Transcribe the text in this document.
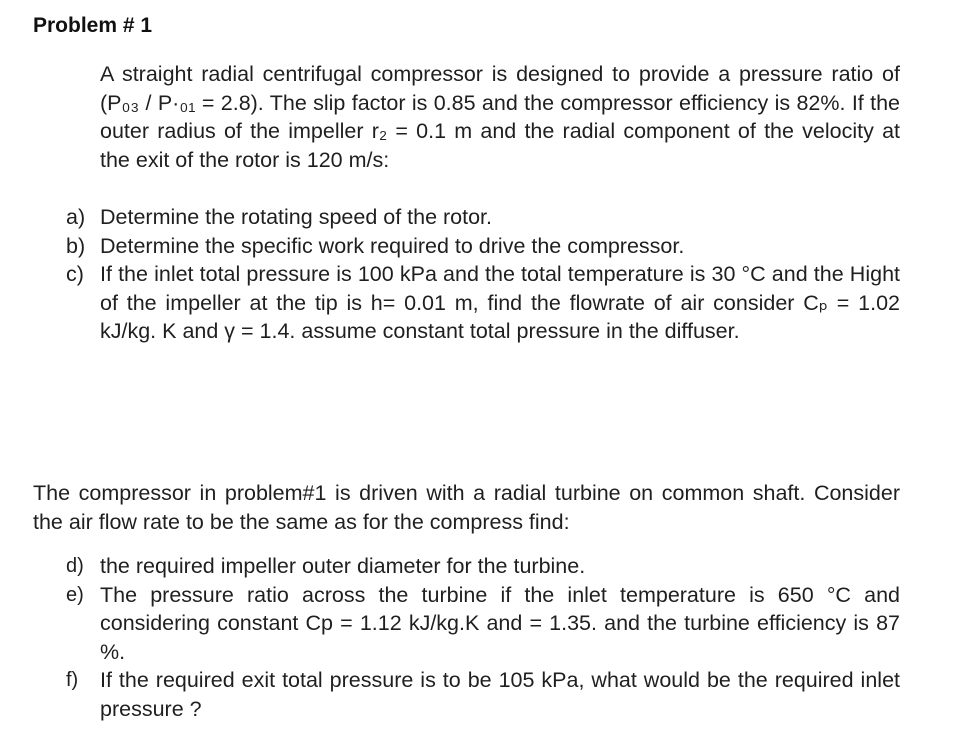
Problem # 1
A straight radial centrifugal compressor is designed to provide a pressure ratio of (P₀₃ / P·₀₁ = 2.8). The slip factor is 0.85 and the compressor efficiency is 82%. If the outer radius of the impeller r₂ = 0.1 m and the radial component of the velocity at the exit of the rotor is 120 m/s:
a) Determine the rotating speed of the rotor.
b) Determine the specific work required to drive the compressor.
c) If the inlet total pressure is 100 kPa and the total temperature is 30 °C and the Hight of the impeller at the tip is h= 0.01 m, find the flowrate of air consider Cₚ = 1.02 kJ/kg. K and γ = 1.4. assume constant total pressure in the diffuser.
The compressor in problem#1 is driven with a radial turbine on common shaft. Consider the air flow rate to be the same as for the compress find:
d) the required impeller outer diameter for the turbine.
e) The pressure ratio across the turbine if the inlet temperature is 650 °C and considering constant Cp = 1.12 kJ/kg.K and = 1.35. and the turbine efficiency is 87 %.
f) If the required exit total pressure is to be 105 kPa, what would be the required inlet pressure ?
